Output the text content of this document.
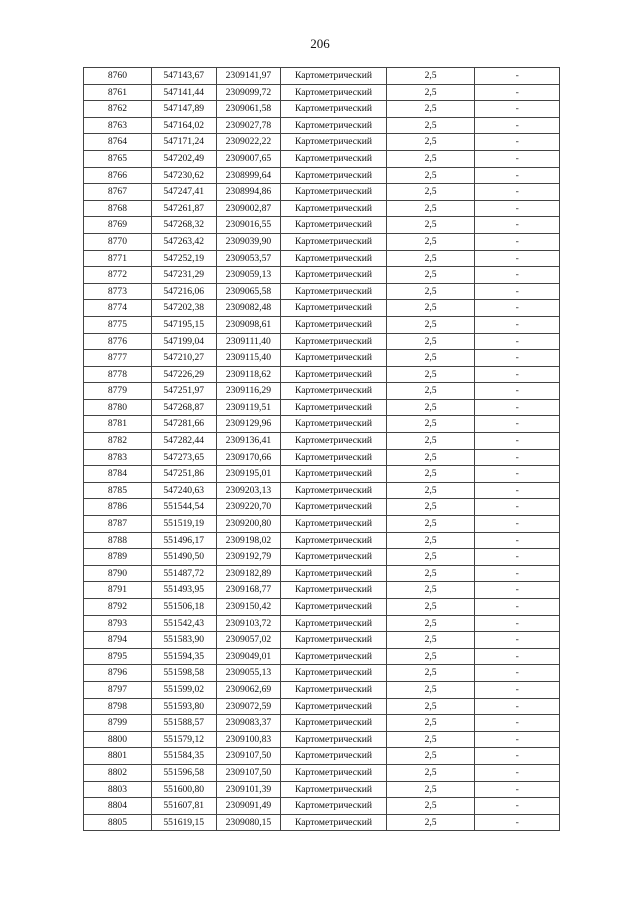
206
8760	547143,67	2309141,97	Картометрический	2,5	-
8761	547141,44	2309099,72	Картометрический	2,5	-
8762	547147,89	2309061,58	Картометрический	2,5	-
8763	547164,02	2309027,78	Картометрический	2,5	-
8764	547171,24	2309022,22	Картометрический	2,5	-
8765	547202,49	2309007,65	Картометрический	2,5	-
8766	547230,62	2308999,64	Картометрический	2,5	-
8767	547247,41	2308994,86	Картометрический	2,5	-
8768	547261,87	2309002,87	Картометрический	2,5	-
8769	547268,32	2309016,55	Картометрический	2,5	-
8770	547263,42	2309039,90	Картометрический	2,5	-
8771	547252,19	2309053,57	Картометрический	2,5	-
8772	547231,29	2309059,13	Картометрический	2,5	-
8773	547216,06	2309065,58	Картометрический	2,5	-
8774	547202,38	2309082,48	Картометрический	2,5	-
8775	547195,15	2309098,61	Картометрический	2,5	-
8776	547199,04	2309111,40	Картометрический	2,5	-
8777	547210,27	2309115,40	Картометрический	2,5	-
8778	547226,29	2309118,62	Картометрический	2,5	-
8779	547251,97	2309116,29	Картометрический	2,5	-
8780	547268,87	2309119,51	Картометрический	2,5	-
8781	547281,66	2309129,96	Картометрический	2,5	-
8782	547282,44	2309136,41	Картометрический	2,5	-
8783	547273,65	2309170,66	Картометрический	2,5	-
8784	547251,86	2309195,01	Картометрический	2,5	-
8785	547240,63	2309203,13	Картометрический	2,5	-
8786	551544,54	2309220,70	Картометрический	2,5	-
8787	551519,19	2309200,80	Картометрический	2,5	-
8788	551496,17	2309198,02	Картометрический	2,5	-
8789	551490,50	2309192,79	Картометрический	2,5	-
8790	551487,72	2309182,89	Картометрический	2,5	-
8791	551493,95	2309168,77	Картометрический	2,5	-
8792	551506,18	2309150,42	Картометрический	2,5	-
8793	551542,43	2309103,72	Картометрический	2,5	-
8794	551583,90	2309057,02	Картометрический	2,5	-
8795	551594,35	2309049,01	Картометрический	2,5	-
8796	551598,58	2309055,13	Картометрический	2,5	-
8797	551599,02	2309062,69	Картометрический	2,5	-
8798	551593,80	2309072,59	Картометрический	2,5	-
8799	551588,57	2309083,37	Картометрический	2,5	-
8800	551579,12	2309100,83	Картометрический	2,5	-
8801	551584,35	2309107,50	Картометрический	2,5	-
8802	551596,58	2309107,50	Картометрический	2,5	-
8803	551600,80	2309101,39	Картометрический	2,5	-
8804	551607,81	2309091,49	Картометрический	2,5	-
8805	551619,15	2309080,15	Картометрический	2,5	-
